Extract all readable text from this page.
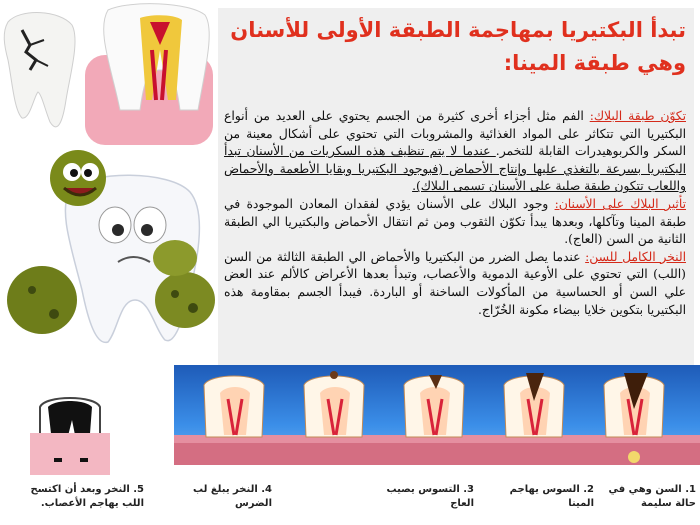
تبدأ البكتيريا بمهاجمة الطبقة الأولى للأسنان وهي طبقة المينا:

تكوّن طبقة البلاك: الفم مثل أجزاء أخرى كثيرة من الجسم يحتوي على العديد من أنواع البكتيريا التي تتكاثر على المواد الغذائية والمشروبات التي تحتوي على أشكال معينة من السكر والكربوهيدرات القابلة للتخمر. عندما لا يتم تنظيف هذه السكريات من الأسنان تبدأ البكتيريا بسرعة بالتغذي عليها وإنتاج الأحماض (فبوجود البكتيريا وبقايا الأطعمة والأحماض واللعاب تتكون طبقة صلبة على الأسنان تسمى البلاك).

تأثير البلاك على الأسنان: وجود البلاك على الأسنان يؤدي لفقدان المعادن الموجودة في طبقة المينا وتآكلها، وبعدها يبدأ تكوّن الثقوب ومن ثم انتقال الأحماض والبكتيريا الي الطبقة الثانية من السن (العاج).

النخر الكامل للسن: عندما يصل الضرر من البكتيريا والأحماض الي الطبقة الثالثة من السن (اللب) التي تحتوي على الأوعية الدموية والأعصاب، وتبدأ بعدها الأعراض كالألم عند العض علي السن أو الحساسية من المأكولات الساخنة أو الباردة. فيبدأ الجسم بمقاومة هذه البكتيريا بتكوين خلايا بيضاء مكونة الخُرّاج.

1. السن وهي في حالة سليمة
2. السوس يهاجم المينا
3. التسوس يصيب العاج
4. النخر يبلغ لب الضرس
5. النخر وبعد أن اكتسح اللب يهاجم الأعصاب.
